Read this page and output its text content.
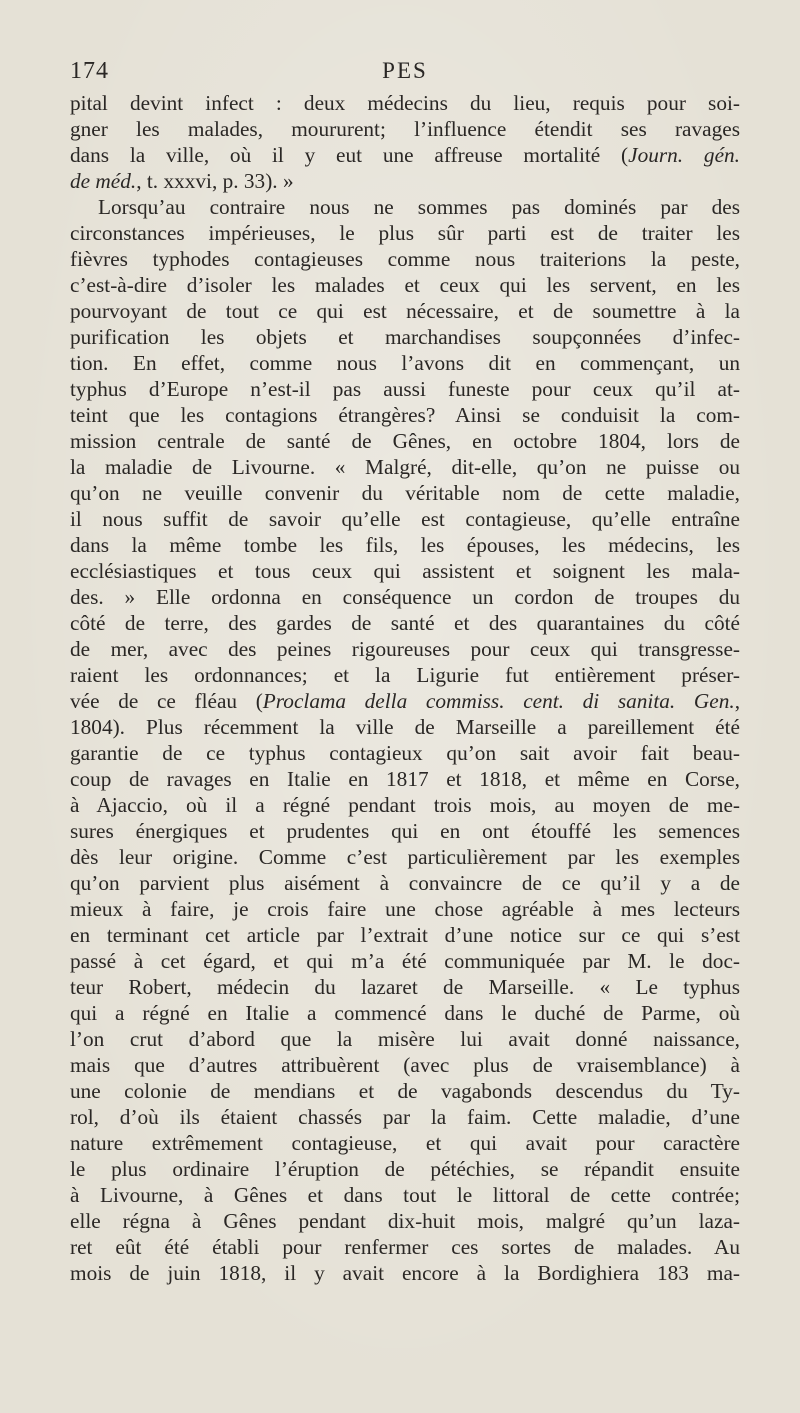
174	PES
pital devint infect : deux médecins du lieu, requis pour soi-
gner les malades, moururent; l’influence étendit ses ravages
dans la ville, où il y eut une affreuse mortalité (Journ. gén.
de méd., t. xxxvi, p. 33). »
Lorsqu’au contraire nous ne sommes pas dominés par des
circonstances impérieuses, le plus sûr parti est de traiter les
fièvres typhodes contagieuses comme nous traiterions la peste,
c’est-à-dire d’isoler les malades et ceux qui les servent, en les
pourvoyant de tout ce qui est nécessaire, et de soumettre à la
purification les objets et marchandises soupçonnées d’infec-
tion. En effet, comme nous l’avons dit en commençant, un
typhus d’Europe n’est-il pas aussi funeste pour ceux qu’il at-
teint que les contagions étrangères? Ainsi se conduisit la com-
mission centrale de santé de Gênes, en octobre 1804, lors de
la maladie de Livourne. « Malgré, dit-elle, qu’on ne puisse ou
qu’on ne veuille convenir du véritable nom de cette maladie,
il nous suffit de savoir qu’elle est contagieuse, qu’elle entraîne
dans la même tombe les fils, les épouses, les médecins, les
ecclésiastiques et tous ceux qui assistent et soignent les mala-
des. » Elle ordonna en conséquence un cordon de troupes du
côté de terre, des gardes de santé et des quarantaines du côté
de mer, avec des peines rigoureuses pour ceux qui transgresse-
raient les ordonnances; et la Ligurie fut entièrement préser-
vée de ce fléau (Proclama della commiss. cent. di sanita. Gen.,
1804). Plus récemment la ville de Marseille a pareillement été
garantie de ce typhus contagieux qu’on sait avoir fait beau-
coup de ravages en Italie en 1817 et 1818, et même en Corse,
à Ajaccio, où il a régné pendant trois mois, au moyen de me-
sures énergiques et prudentes qui en ont étouffé les semences
dès leur origine. Comme c’est particulièrement par les exemples
qu’on parvient plus aisément à convaincre de ce qu’il y a de
mieux à faire, je crois faire une chose agréable à mes lecteurs
en terminant cet article par l’extrait d’une notice sur ce qui s’est
passé à cet égard, et qui m’a été communiquée par M. le doc-
teur Robert, médecin du lazaret de Marseille. « Le typhus
qui a régné en Italie a commencé dans le duché de Parme, où
l’on crut d’abord que la misère lui avait donné naissance,
mais que d’autres attribuèrent (avec plus de vraisemblance) à
une colonie de mendians et de vagabonds descendus du Ty-
rol, d’où ils étaient chassés par la faim. Cette maladie, d’une
nature extrêmement contagieuse, et qui avait pour caractère
le plus ordinaire l’éruption de pétéchies, se répandit ensuite
à Livourne, à Gênes et dans tout le littoral de cette contrée;
elle régna à Gênes pendant dix-huit mois, malgré qu’un laza-
ret eût été établi pour renfermer ces sortes de malades. Au
mois de juin 1818, il y avait encore à la Bordighiera 183 ma-
